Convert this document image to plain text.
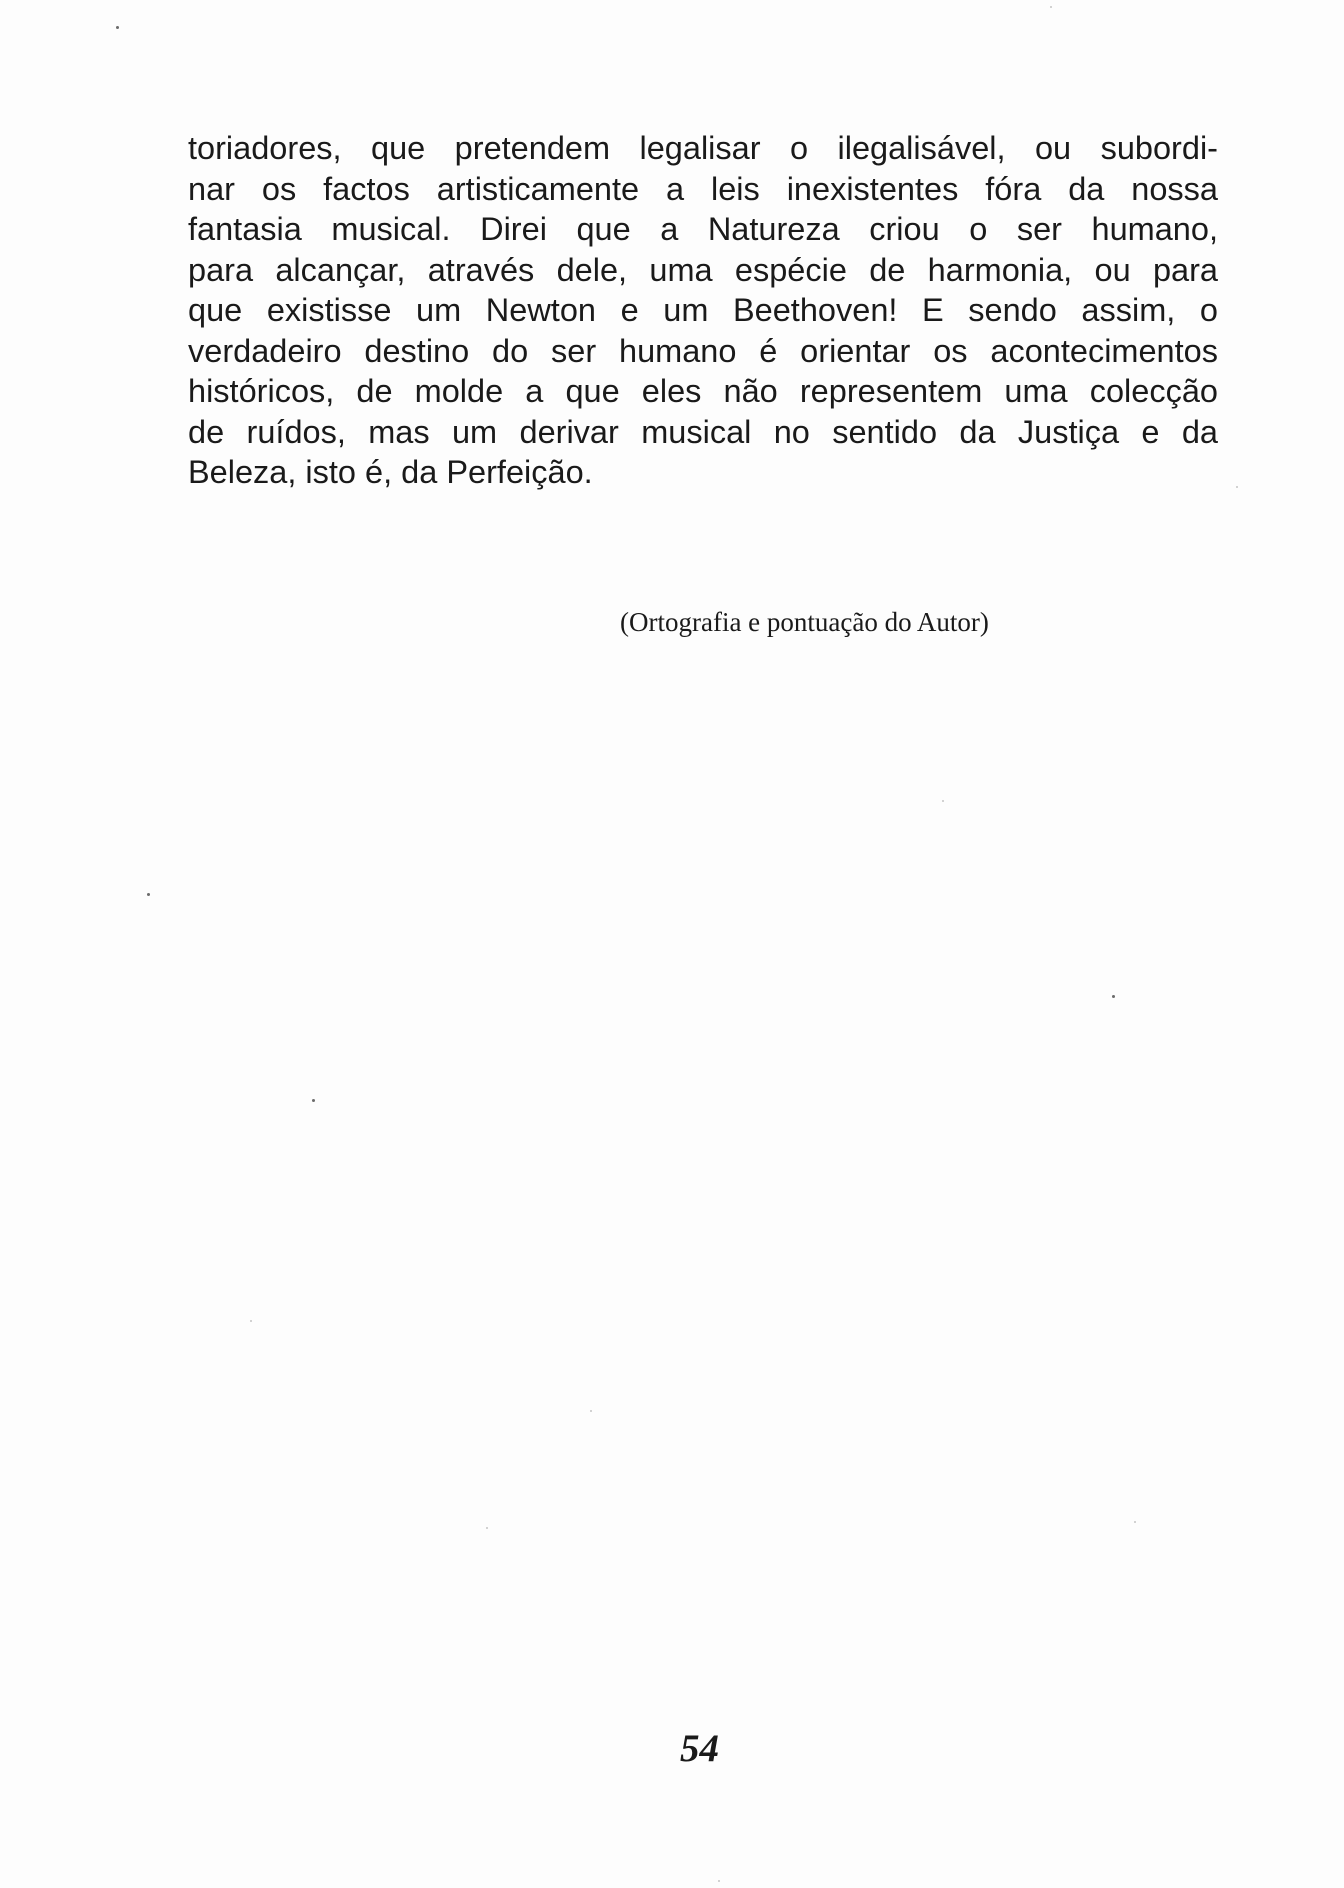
toriadores, que pretendem legalisar o ilegalisável, ou subordi-
nar os factos artisticamente a leis inexistentes fóra da nossa
fantasia musical. Direi que a Natureza criou o ser humano,
para alcançar, através dele, uma espécie de harmonia, ou para
que existisse um Newton e um Beethoven! E sendo assim, o
verdadeiro destino do ser humano é orientar os acontecimentos
históricos, de molde a que eles não representem uma colecção
de ruídos, mas um derivar musical no sentido da Justiça e da
Beleza, isto é, da Perfeição.

(Ortografia e pontuação do Autor)

54
